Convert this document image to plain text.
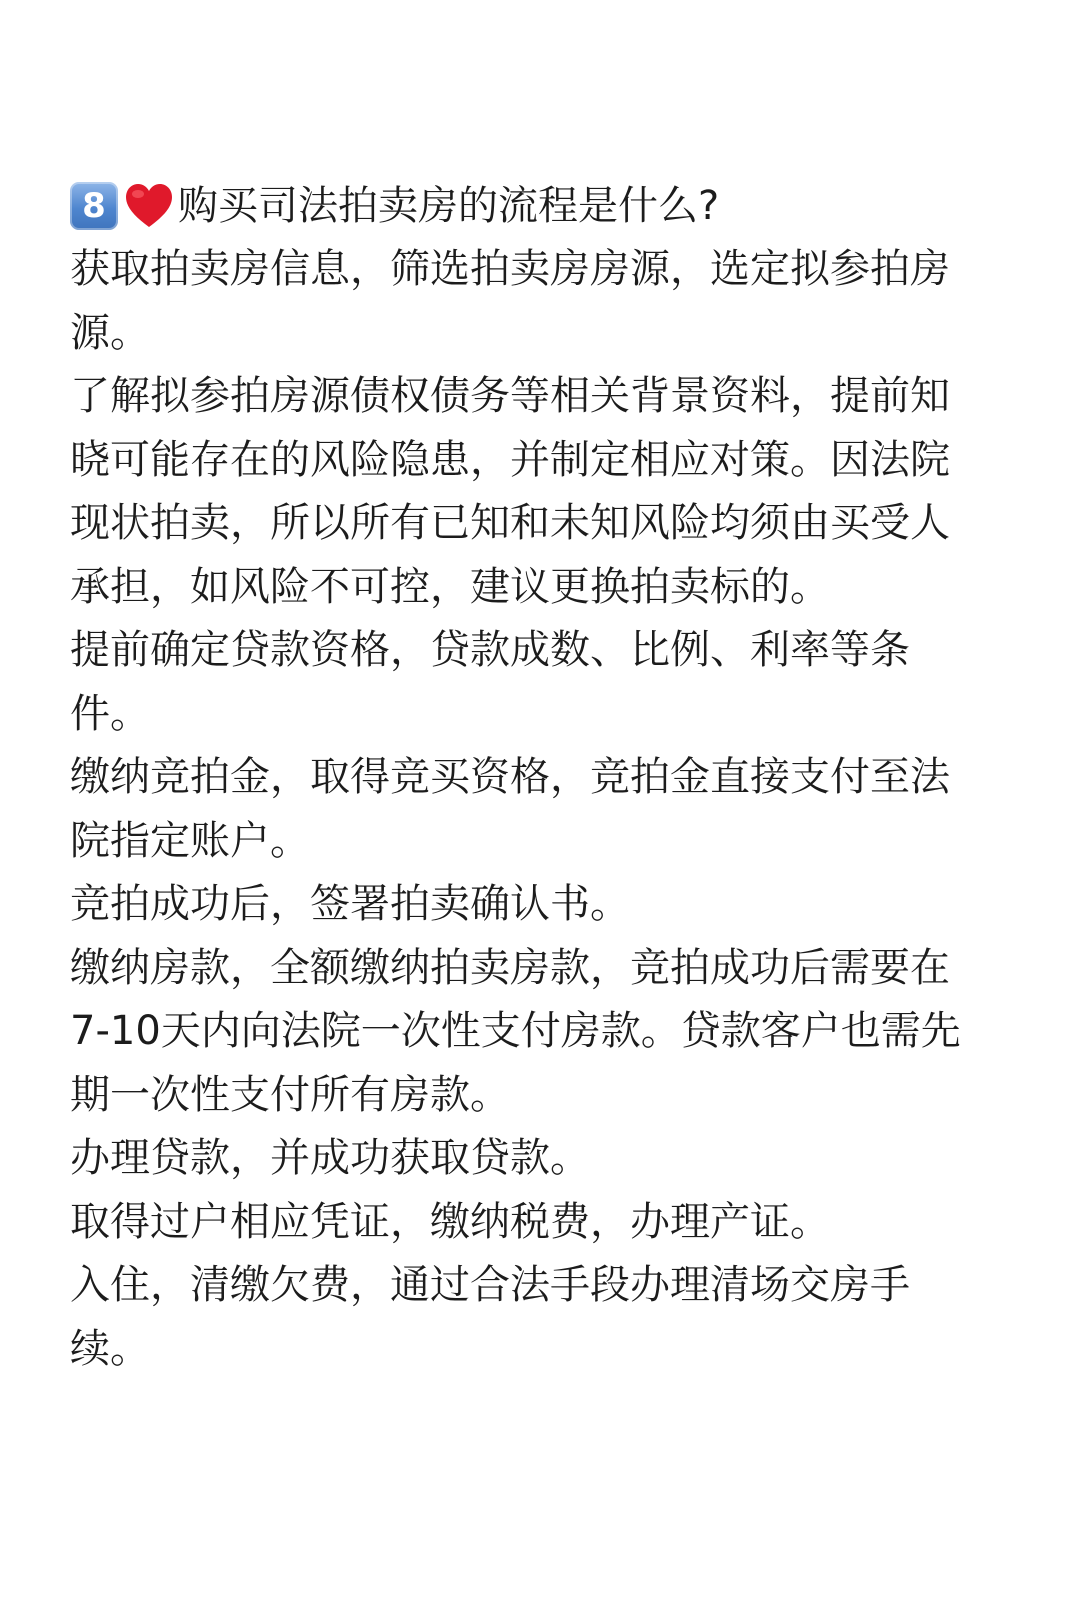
8	购买司法拍卖房的流程是什么?
获取拍卖房信息，筛选拍卖房房源，选定拟参拍房源。
了解拟参拍房源债权债务等相关背景资料，提前知晓可能存在的风险隐患，并制定相应对策。因法院现状拍卖，所以所有已知和未知风险均须由买受人承担，如风险不可控，建议更换拍卖标的。
提前确定贷款资格，贷款成数、比例、利率等条件。
缴纳竞拍金，取得竞买资格，竞拍金直接支付至法院指定账户。
竞拍成功后，签署拍卖确认书。
缴纳房款，全额缴纳拍卖房款，竞拍成功后需要在7-10天内向法院一次性支付房款。贷款客户也需先期一次性支付所有房款。
办理贷款，并成功获取贷款。
取得过户相应凭证，缴纳税费，办理产证。
入住，清缴欠费，通过合法手段办理清场交房手续。
